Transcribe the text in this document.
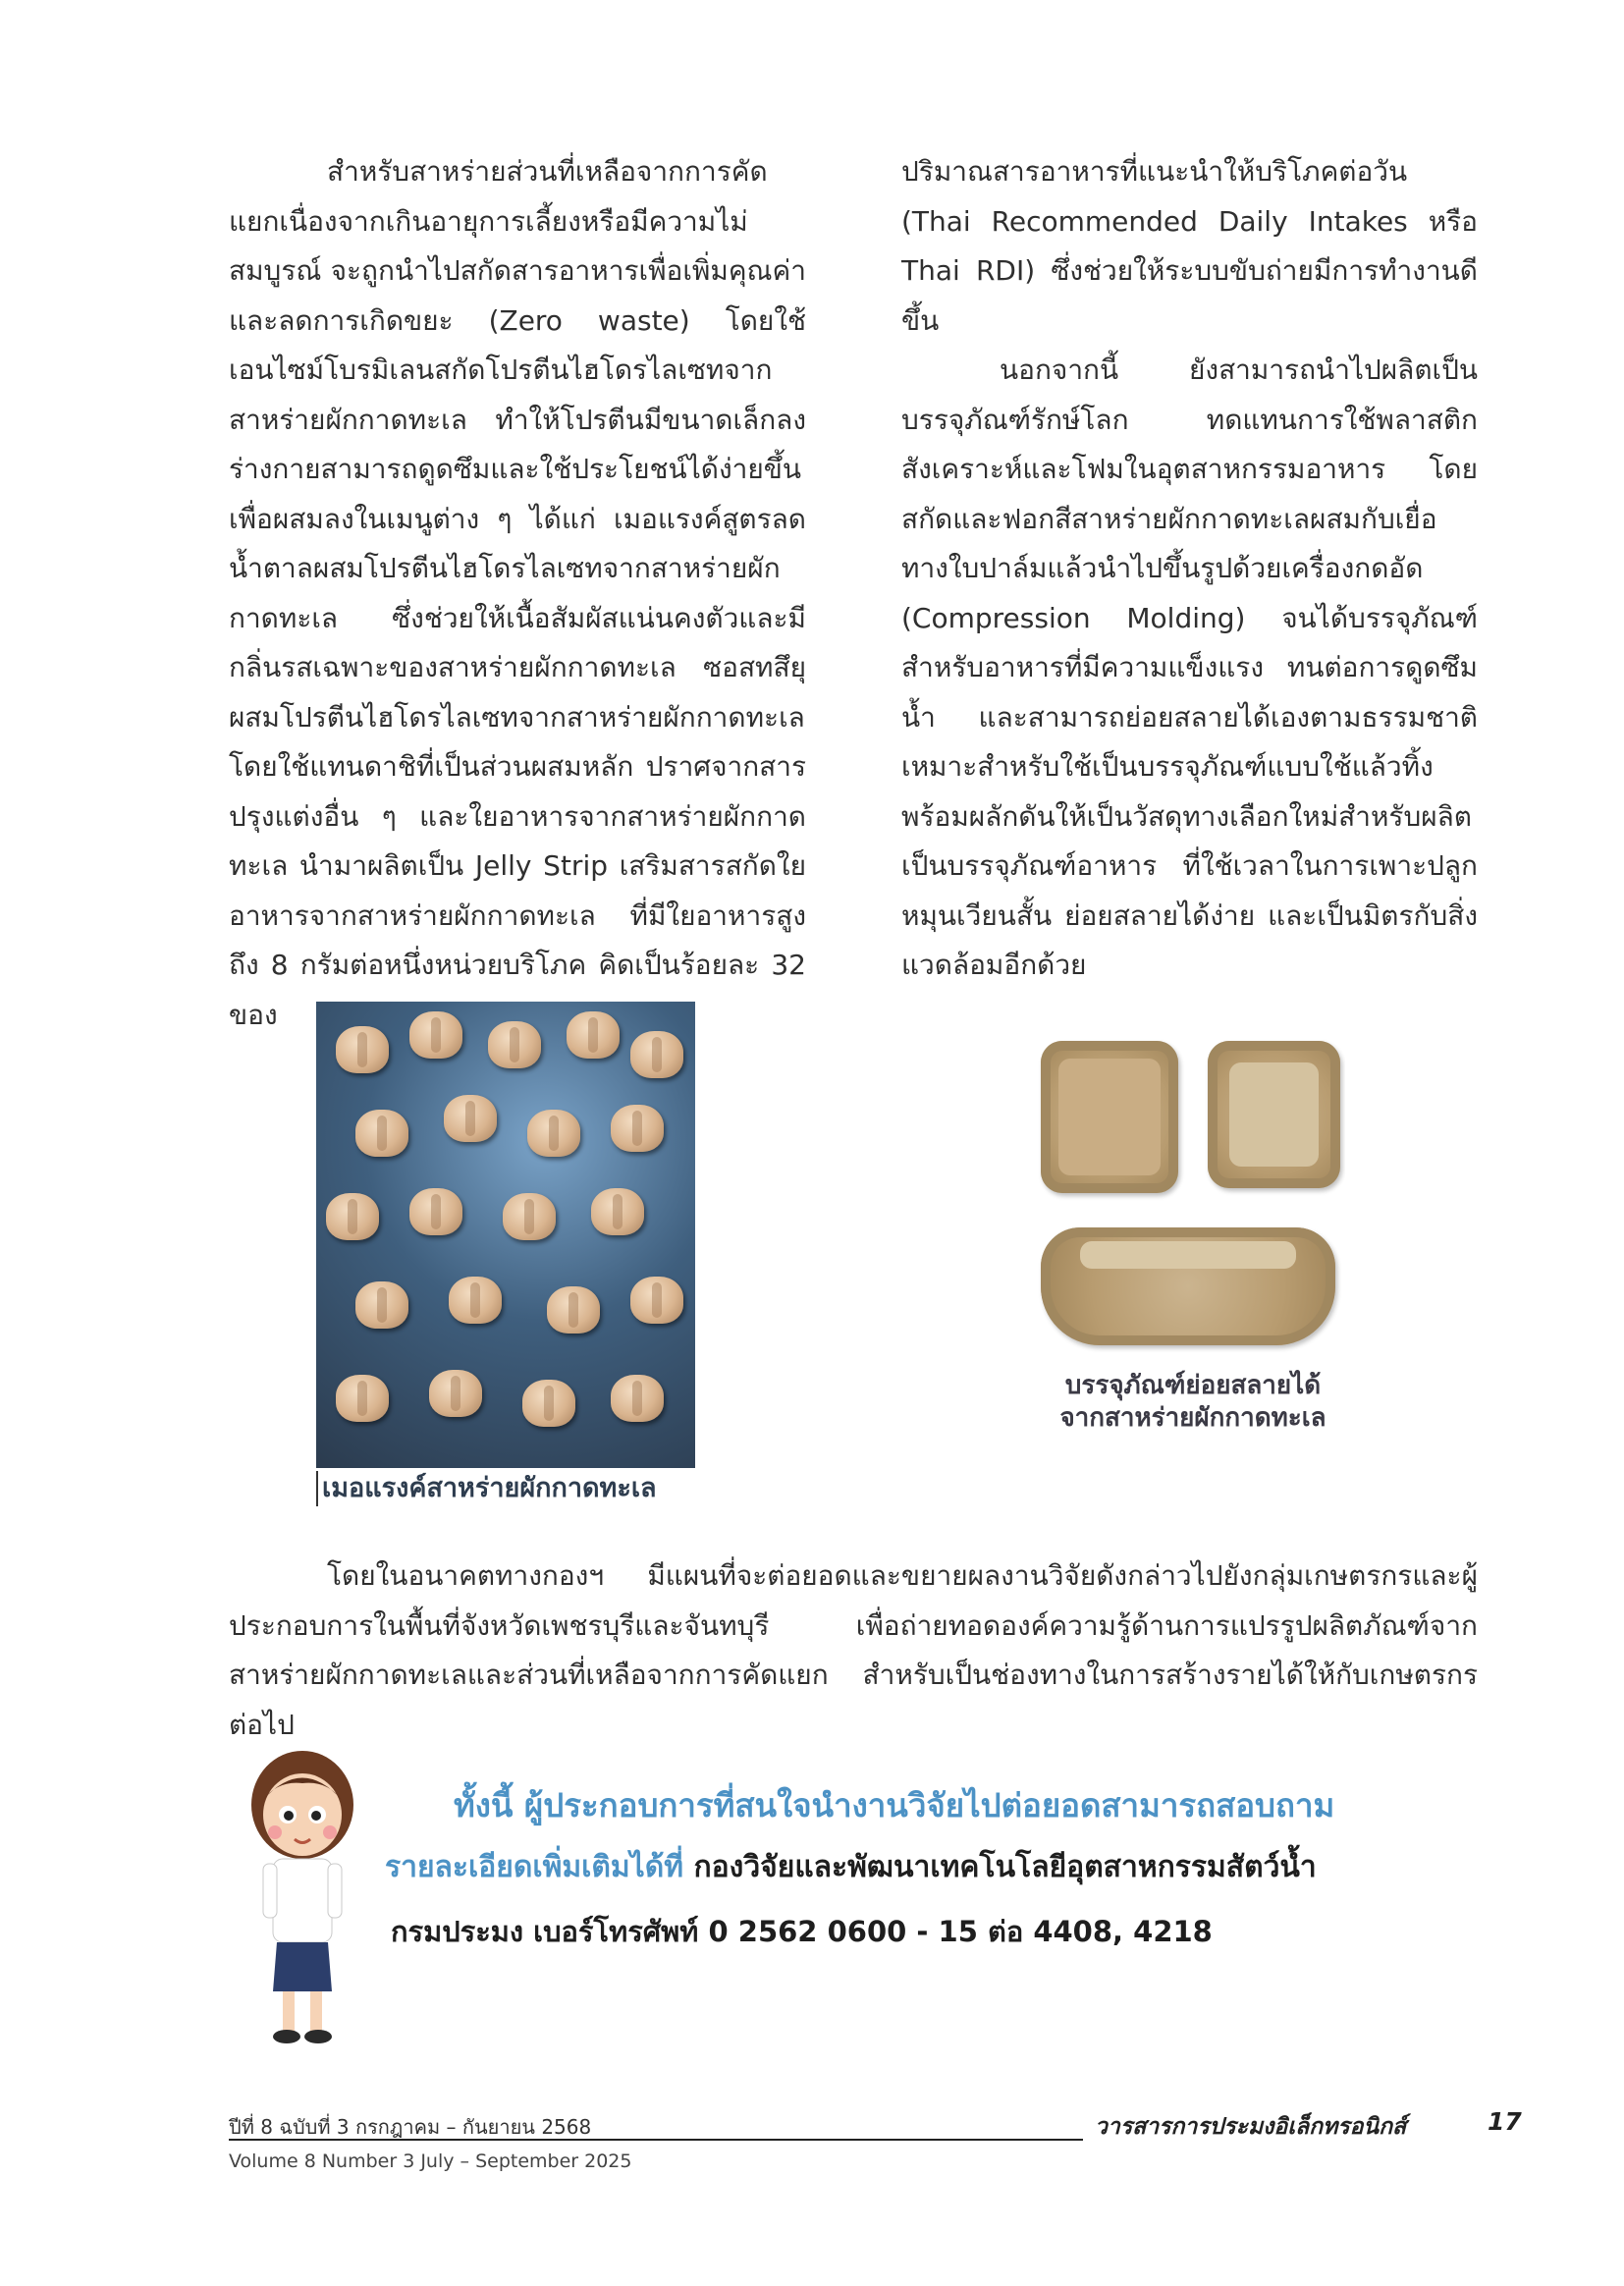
สำหรับสาหร่ายส่วนที่เหลือจากการคัดแยกเนื่องจากเกินอายุการเลี้ยงหรือมีความไม่สมบูรณ์ จะถูกนำไปสกัดสารอาหารเพื่อเพิ่มคุณค่าและลดการเกิดขยะ (Zero waste) โดยใช้เอนไซม์โบรมิเลนสกัดโปรตีนไฮโดรไลเซทจากสาหร่ายผักกาดทะเล ทำให้โปรตีนมีขนาดเล็กลง ร่างกายสามารถดูดซึมและใช้ประโยชน์ได้ง่ายขึ้น เพื่อผสมลงในเมนูต่าง ๆ ได้แก่ เมอแรงค์สูตรลดน้ำตาลผสมโปรตีนไฮโดรไลเซทจากสาหร่ายผักกาดทะเล ซึ่งช่วยให้เนื้อสัมผัสแน่นคงตัวและมีกลิ่นรสเฉพาะของสาหร่ายผักกาดทะเล ซอสทสึยุผสมโปรตีนไฮโดรไลเซทจากสาหร่ายผักกาดทะเล โดยใช้แทนดาชิที่เป็นส่วนผสมหลัก ปราศจากสารปรุงแต่งอื่น ๆ และใยอาหารจากสาหร่ายผักกาดทะเล นำมาผลิตเป็น Jelly Strip เสริมสารสกัดใยอาหารจากสาหร่ายผักกาดทะเล ที่มีใยอาหารสูงถึง 8 กรัมต่อหนึ่งหน่วยบริโภค คิดเป็นร้อยละ 32 ของ

ปริมาณสารอาหารที่แนะนำให้บริโภคต่อวัน (Thai Recommended Daily Intakes หรือ Thai RDI) ซึ่งช่วยให้ระบบขับถ่ายมีการทำงานดีขึ้น

นอกจากนี้ ยังสามารถนำไปผลิตเป็นบรรจุภัณฑ์รักษ์โลก ทดแทนการใช้พลาสติกสังเคราะห์และโฟมในอุตสาหกรรมอาหาร โดยสกัดและฟอกสีสาหร่ายผักกาดทะเลผสมกับเยื่อทางใบปาล์มแล้วนำไปขึ้นรูปด้วยเครื่องกดอัด (Compression Molding) จนได้บรรจุภัณฑ์สำหรับอาหารที่มีความแข็งแรง ทนต่อการดูดซึมน้ำ และสามารถย่อยสลายได้เองตามธรรมชาติ เหมาะสำหรับใช้เป็นบรรจุภัณฑ์แบบใช้แล้วทิ้ง พร้อมผลักดันให้เป็นวัสดุทางเลือกใหม่สำหรับผลิตเป็นบรรจุภัณฑ์อาหาร ที่ใช้เวลาในการเพาะปลูกหมุนเวียนสั้น ย่อยสลายได้ง่าย และเป็นมิตรกับสิ่งแวดล้อมอีกด้วย

เมอแรงค์สาหร่ายผักกาดทะเล
บรรจุภัณฑ์ย่อยสลายได้
จากสาหร่ายผักกาดทะเล

โดยในอนาคตทางกองฯ มีแผนที่จะต่อยอดและขยายผลงานวิจัยดังกล่าวไปยังกลุ่มเกษตรกรและผู้ประกอบการในพื้นที่จังหวัดเพชรบุรีและจันทบุรี เพื่อถ่ายทอดองค์ความรู้ด้านการแปรรูปผลิตภัณฑ์จากสาหร่ายผักกาดทะเลและส่วนที่เหลือจากการคัดแยก สำหรับเป็นช่องทางในการสร้างรายได้ให้กับเกษตรกรต่อไป

ทั้งนี้ ผู้ประกอบการที่สนใจนำงานวิจัยไปต่อยอดสามารถสอบถาม
รายละเอียดเพิ่มเติมได้ที่ กองวิจัยและพัฒนาเทคโนโลยีอุตสาหกรรมสัตว์น้ำ
กรมประมง เบอร์โทรศัพท์ 0 2562 0600 - 15 ต่อ 4408, 4218
ปีที่ 8 ฉบับที่ 3 กรกฎาคม – กันยายน 2568
Volume 8 Number 3 July – September 2025
วารสารการประมงอิเล็กทรอนิกส์	17
